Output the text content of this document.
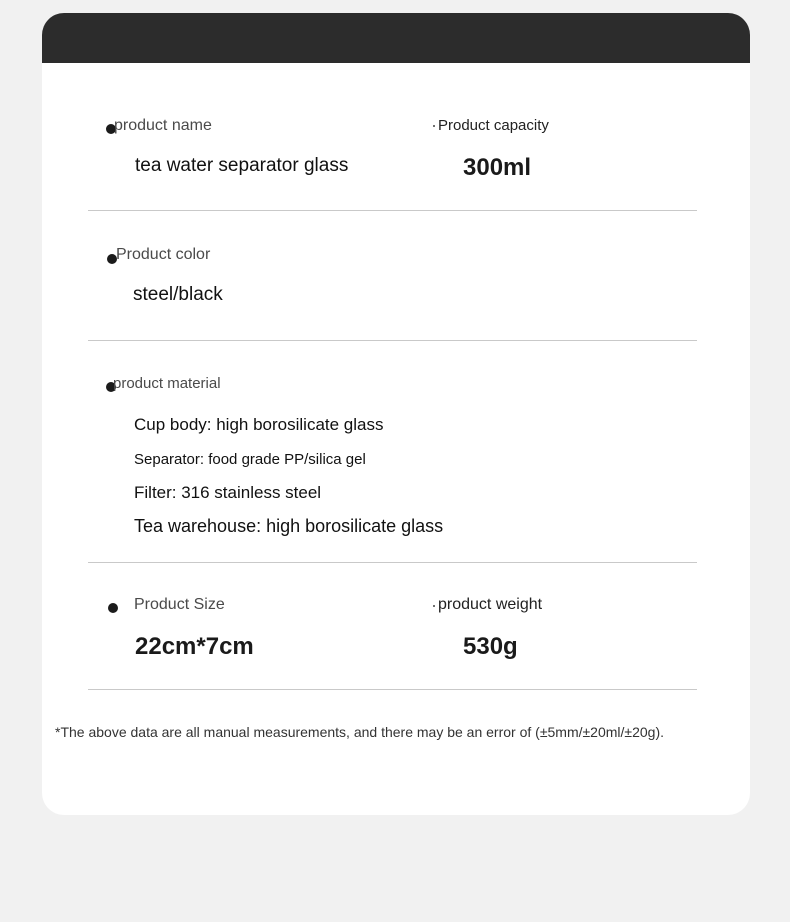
product name
tea water separator glass
Product capacity
300ml
Product color
steel/black
product material
Cup body: high borosilicate glass
Separator: food grade PP/silica gel
Filter: 316 stainless steel
Tea warehouse: high borosilicate glass
Product Size
22cm*7cm
product weight
530g
*The above data are all manual measurements, and there may be an error of (±5mm/±20ml/±20g).
